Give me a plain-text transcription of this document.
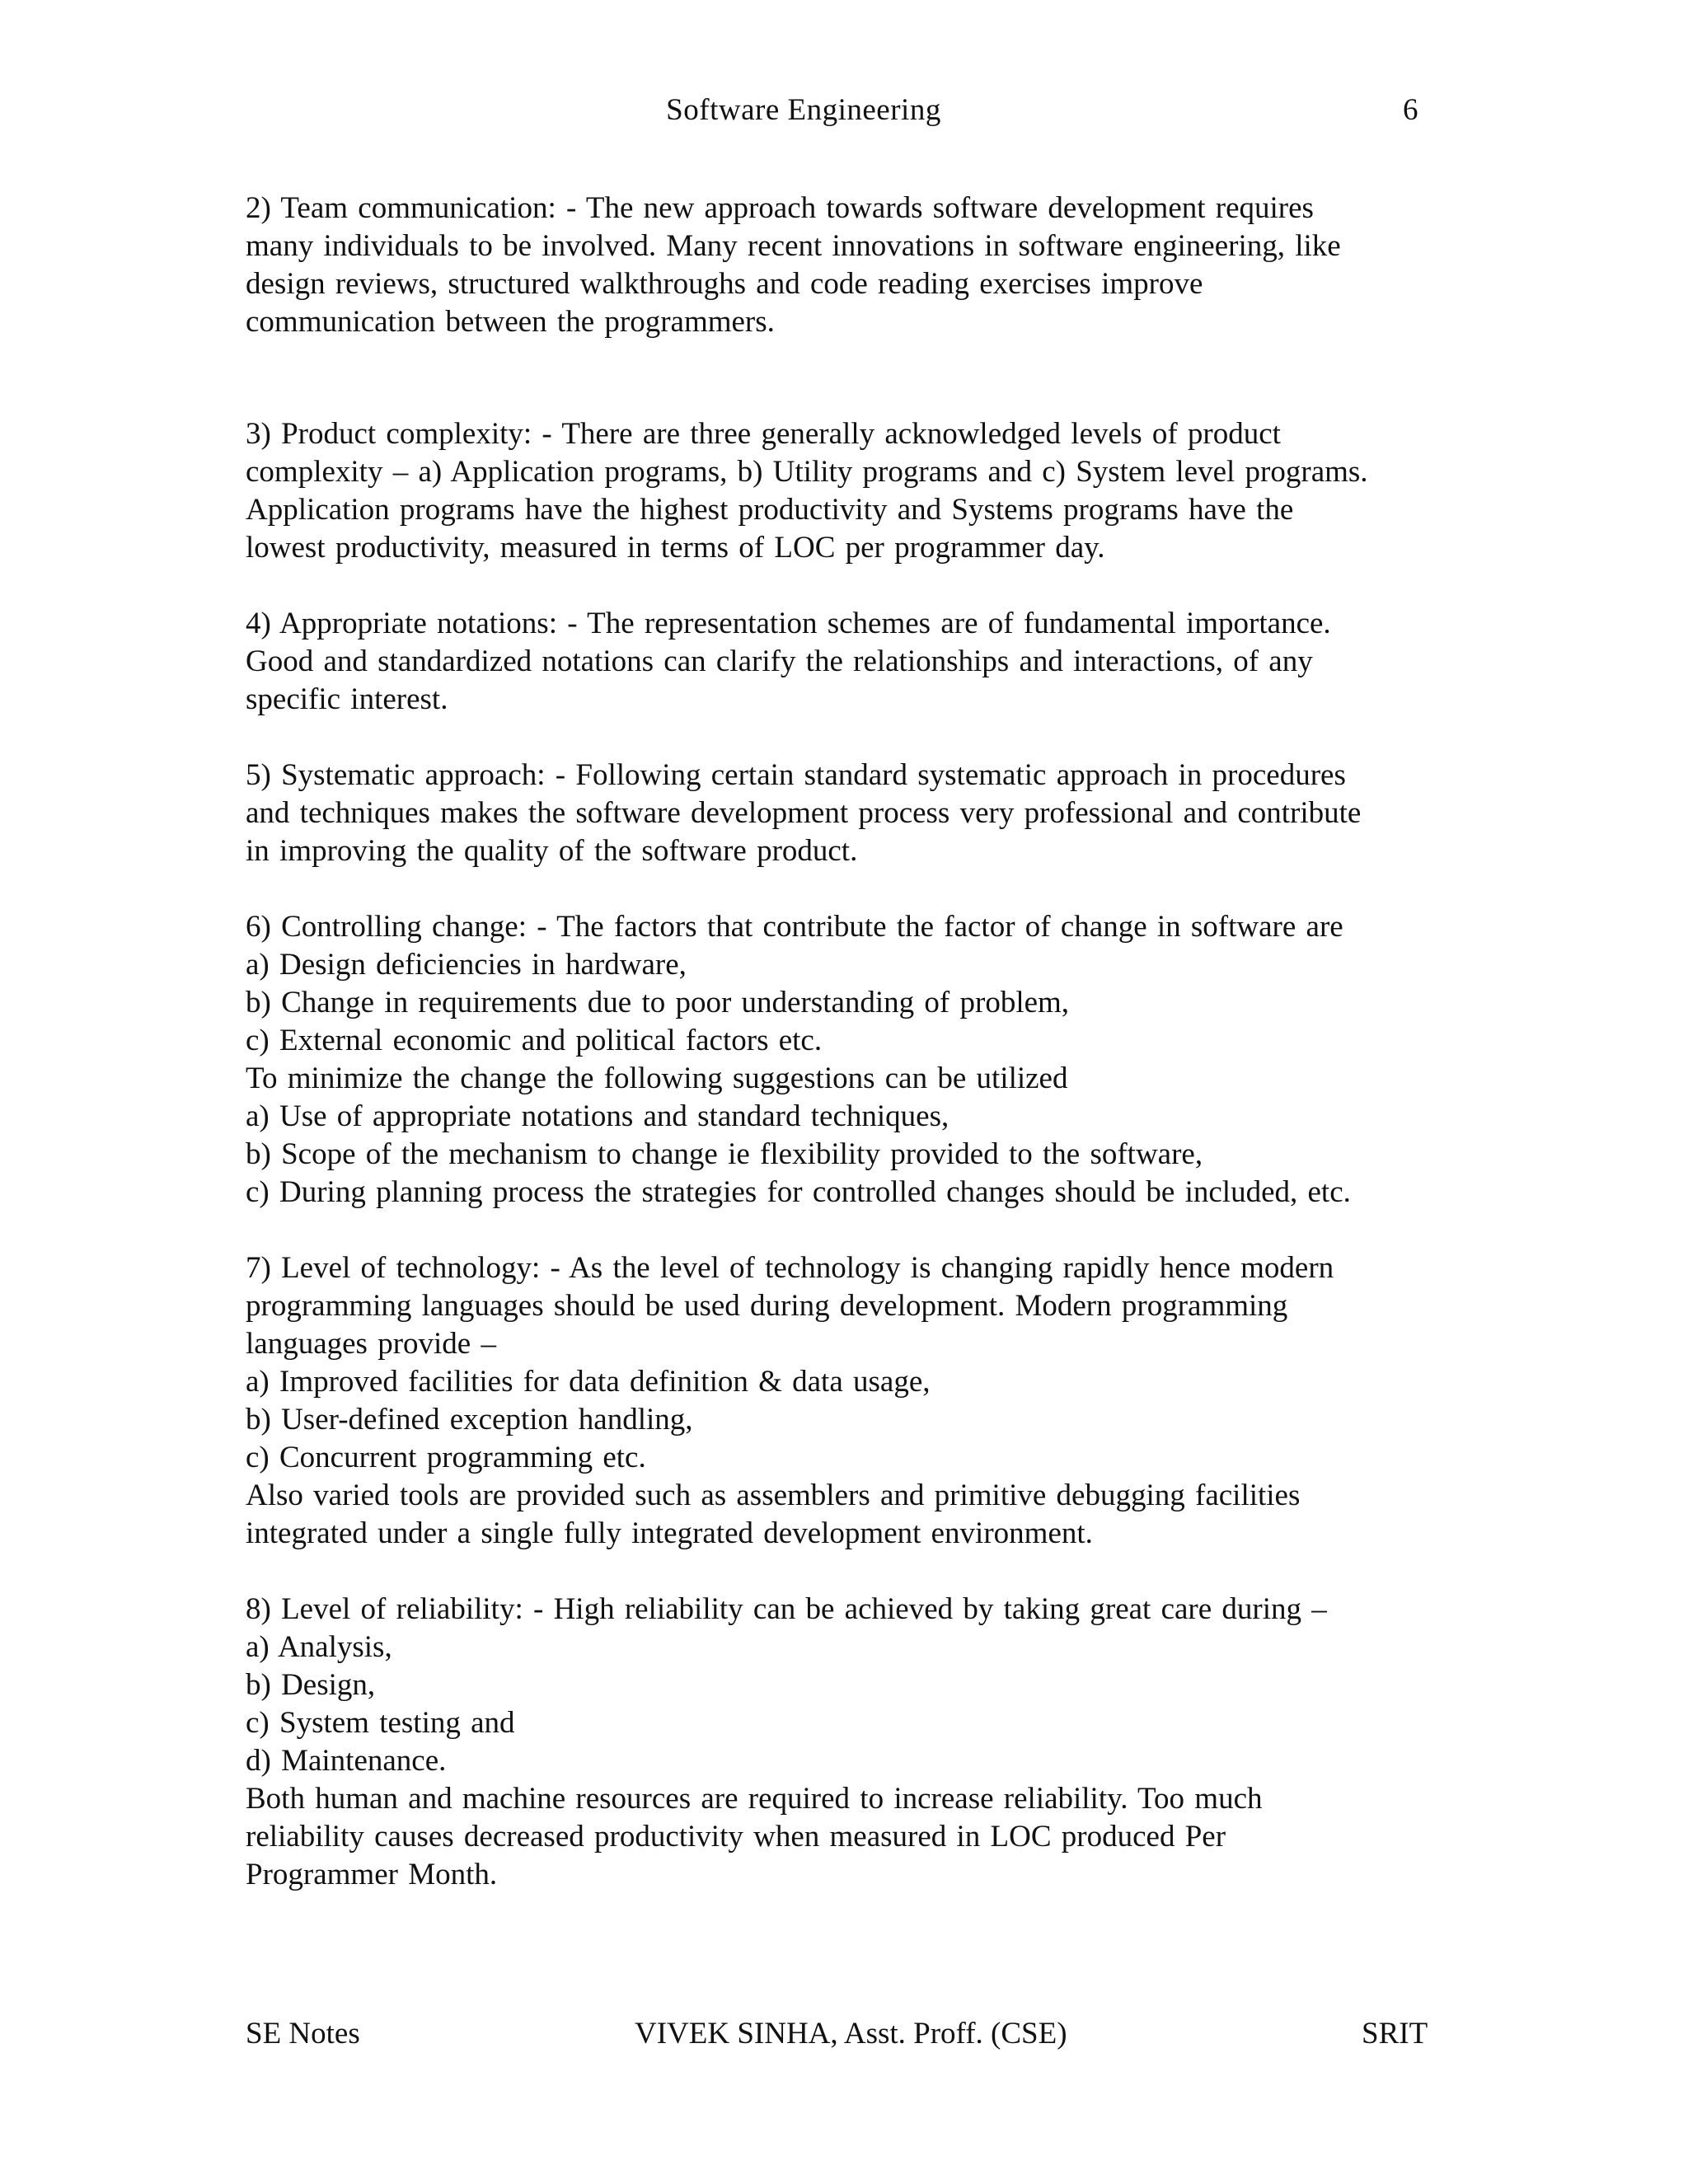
Software Engineering	6
2) Team communication: - The new approach towards software development requires
many individuals to be involved. Many recent innovations in software engineering, like
design reviews, structured walkthroughs and code reading exercises improve
communication between the programmers.
3) Product complexity: - There are three generally acknowledged levels of product
complexity – a) Application programs, b) Utility programs and c) System level programs.
Application programs have the highest productivity and Systems programs have the
lowest productivity, measured in terms of LOC per programmer day.
4) Appropriate notations: - The representation schemes are of fundamental importance.
Good and standardized notations can clarify the relationships and interactions, of any
specific interest.
5) Systematic approach: - Following certain standard systematic approach in procedures
and techniques makes the software development process very professional and contribute
in improving the quality of the software product.
6) Controlling change: - The factors that contribute the factor of change in software are
a) Design deficiencies in hardware,
b) Change in requirements due to poor understanding of problem,
c) External economic and political factors etc.
To minimize the change the following suggestions can be utilized
a) Use of appropriate notations and standard techniques,
b) Scope of the mechanism to change ie flexibility provided to the software,
c) During planning process the strategies for controlled changes should be included, etc.
7) Level of technology: - As the level of technology is changing rapidly hence modern
programming languages should be used during development. Modern programming
languages provide –
a) Improved facilities for data definition & data usage,
b) User-defined exception handling,
c) Concurrent programming etc.
Also varied tools are provided such as assemblers and primitive debugging facilities
integrated under a single fully integrated development environment.
8) Level of reliability: - High reliability can be achieved by taking great care during –
a) Analysis,
b) Design,
c) System testing and
d) Maintenance.
Both human and machine resources are required to increase reliability. Too much
reliability causes decreased productivity when measured in LOC produced Per
Programmer Month.
SE Notes	VIVEK SINHA, Asst. Proff. (CSE)	SRIT
